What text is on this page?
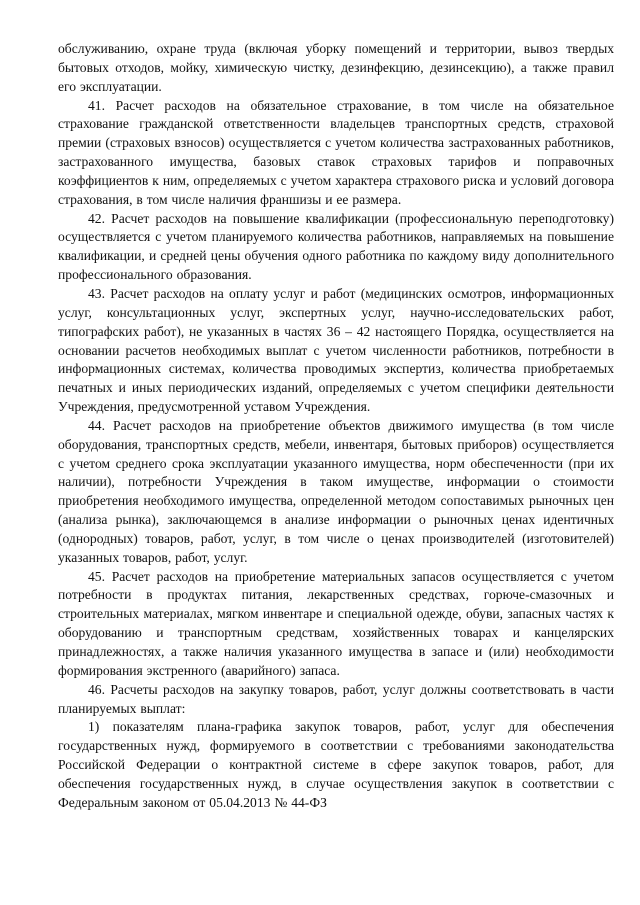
обслуживанию, охране труда (включая уборку помещений и территории, вывоз твердых бытовых отходов, мойку, химическую чистку, дезинфекцию, дезинсекцию), а также правил его эксплуатации.

41. Расчет расходов на обязательное страхование, в том числе на обязательное страхование гражданской ответственности владельцев транспортных средств, страховой премии (страховых взносов) осуществляется с учетом количества застрахованных работников, застрахованного имущества, базовых ставок страховых тарифов и поправочных коэффициентов к ним, определяемых с учетом характера страхового риска и условий договора страхования, в том числе наличия франшизы и ее размера.

42. Расчет расходов на повышение квалификации (профессиональную переподготовку) осуществляется с учетом планируемого количества работников, направляемых на повышение квалификации, и средней цены обучения одного работника по каждому виду дополнительного профессионального образования.

43. Расчет расходов на оплату услуг и работ (медицинских осмотров, информационных услуг, консультационных услуг, экспертных услуг, научно-исследовательских работ, типографских работ), не указанных в частях 36 – 42 настоящего Порядка, осуществляется на основании расчетов необходимых выплат с учетом численности работников, потребности в информационных системах, количества проводимых экспертиз, количества приобретаемых печатных и иных периодических изданий, определяемых с учетом специфики деятельности Учреждения, предусмотренной уставом Учреждения.

44. Расчет расходов на приобретение объектов движимого имущества (в том числе оборудования, транспортных средств, мебели, инвентаря, бытовых приборов) осуществляется с учетом среднего срока эксплуатации указанного имущества, норм обеспеченности (при их наличии), потребности Учреждения в таком имуществе, информации о стоимости приобретения необходимого имущества, определенной методом сопоставимых рыночных цен (анализа рынка), заключающемся в анализе информации о рыночных ценах идентичных (однородных) товаров, работ, услуг, в том числе о ценах производителей (изготовителей) указанных товаров, работ, услуг.

45. Расчет расходов на приобретение материальных запасов осуществляется с учетом потребности в продуктах питания, лекарственных средствах, горюче-смазочных и строительных материалах, мягком инвентаре и специальной одежде, обуви, запасных частях к оборудованию и транспортным средствам, хозяйственных товарах и канцелярских принадлежностях, а также наличия указанного имущества в запасе и (или) необходимости формирования экстренного (аварийного) запаса.

46. Расчеты расходов на закупку товаров, работ, услуг должны соответствовать в части планируемых выплат:

1) показателям плана-графика закупок товаров, работ, услуг для обеспечения государственных нужд, формируемого в соответствии с требованиями законодательства Российской Федерации о контрактной системе в сфере закупок товаров, работ, для обеспечения государственных нужд, в случае осуществления закупок в соответствии с Федеральным законом от 05.04.2013 № 44-ФЗ
